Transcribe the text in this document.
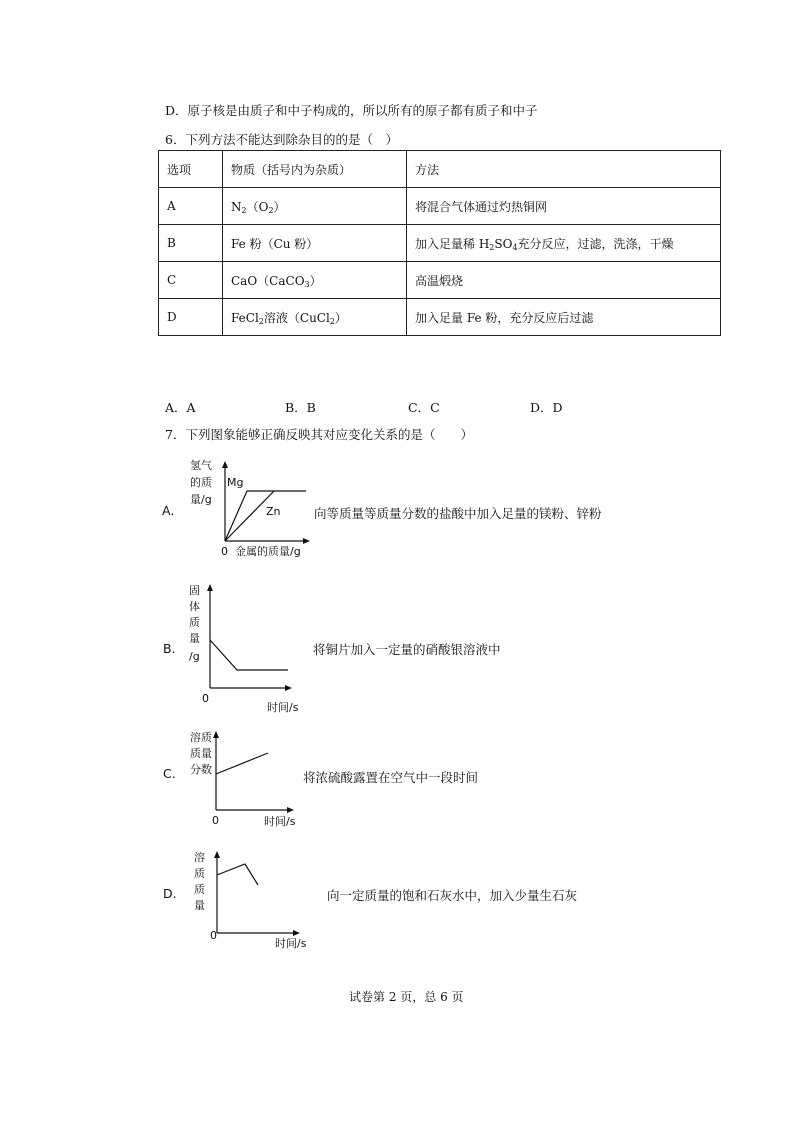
D．原子核是由质子和中子构成的，所以所有的原子都有质子和中子
6．下列方法不能达到除杂目的的是（　）
选项	物质（括号内为杂质）	方法
A	$N_2(O_2)$	将混合气体通过灼热铜网
B	Fe 粉（Cu 粉）	加入足量稀 $H_2SO_4$充分反应，过滤，洗涤，干燥
C	CaO（CaCO$_3$）	高温煅烧
D	FeCl$_2$溶液（CuCl$_2$）	加入足量 Fe 粉，充分反应后过滤
A．A	B．B	C．C	D．D
7．下列图象能够正确反映其对应变化关系的是（　　）
A.
氢气
的质
量/g
Mg
Zn
0 金属的质量/g
向等质量等质量分数的盐酸中加入足量的镁粉、锌粉
B.
固
体
质
量
/g
0
时间/s
将铜片加入一定量的硝酸银溶液中
C.
溶质
质量
分数
0	时间/s
将浓硫酸露置在空气中一段时间
D.
溶
质
质
量
0
时间/s
向一定质量的饱和石灰水中，加入少量生石灰
试卷第 2 页，总 6 页
